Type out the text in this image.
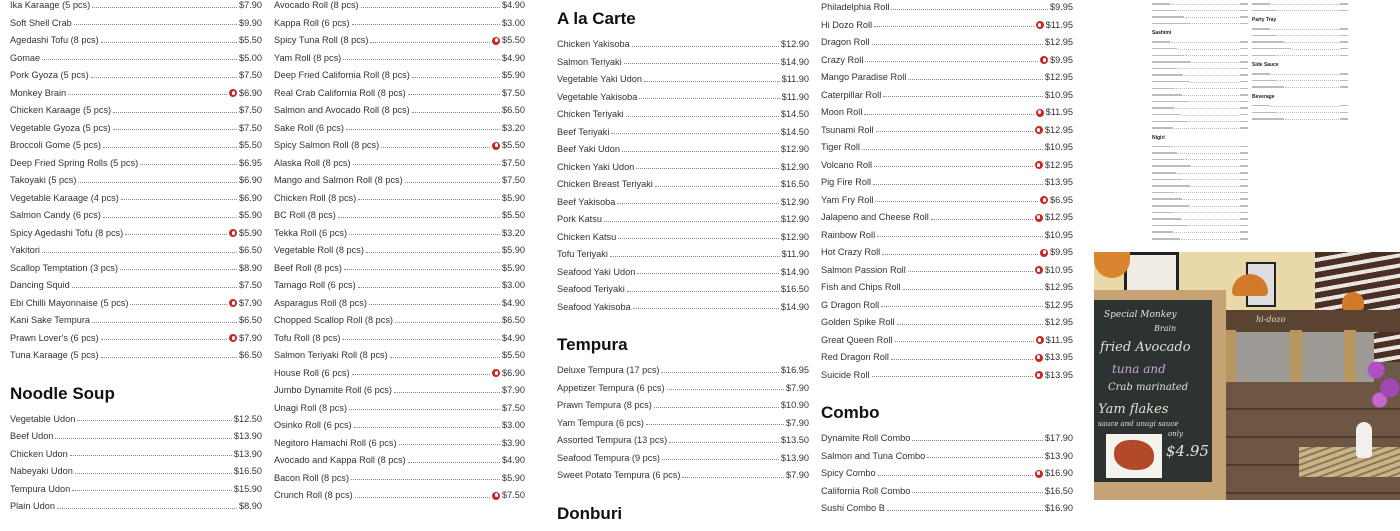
Ika Karaage (5 pcs)	$7.90
Soft Shell Crab	$9.90
Agedashi Tofu (8 pcs)	$5.50
Gomae	$5.00
Pork Gyoza (5 pcs)	$7.50
Monkey Brain	$6.90
Chicken Karaage (5 pcs)	$7.50
Vegetable Gyoza (5 pcs)	$7.50
Broccoli Gome (5 pcs)	$5.50
Deep Fried Spring Rolls (5 pcs)	$6.95
Takoyaki (5 pcs)	$6.90
Vegetable Karaage (4 pcs)	$6.90
Salmon Candy (6 pcs)	$5.90
Spicy Agedashi Tofu (8 pcs)	$5.90
Yakitori	$6.50
Scallop Temptation (3 pcs)	$8.90
Dancing Squid	$7.50
Ebi Chilli Mayonnaise (5 pcs)	$7.90
Kani Sake Tempura	$6.50
Prawn Lover's (6 pcs)	$7.90
Tuna Karaage (5 pcs)	$6.50
Noodle Soup
Vegetable Udon	$12.50
Beef Udon	$13.90
Chicken Udon	$13.90
Nabeyaki Udon	$16.50
Tempura Udon	$15.90
Plain Udon	$8.90
Avocado Roll (8 pcs)	$4.90
Kappa Roll (6 pcs)	$3.00
Spicy Tuna Roll (8 pcs)	$5.50
Yam Roll (8 pcs)	$4.90
Deep Fried California Roll (8 pcs)	$5.90
Real Crab California Roll (8 pcs)	$7.50
Salmon and Avocado Roll (8 pcs)	$6.50
Sake Roll (6 pcs)	$3.20
Spicy Salmon Roll (8 pcs)	$5.50
Alaska Roll (8 pcs)	$7.50
Mango and Salmon Roll (8 pcs)	$7.50
Chicken Roll (8 pcs)	$5.90
BC Roll (8 pcs)	$5.50
Tekka Roll (6 pcs)	$3.20
Vegetable Roll (8 pcs)	$5.90
Beef Roll (8 pcs)	$5.90
Tamago Roll (6 pcs)	$3.00
Asparagus Roll (8 pcs)	$4.90
Chopped Scallop Roll (8 pcs)	$6.50
Tofu Roll (8 pcs)	$4.90
Salmon Teriyaki Roll (8 pcs)	$5.50
House Roll (6 pcs)	$6.90
Jumbo Dynamite Roll (6 pcs)	$7.90
Unagi Roll (8 pcs)	$7.50
Osinko Roll (6 pcs)	$3.00
Negitoro Hamachi Roll (6 pcs)	$3.90
Avocado and Kappa Roll (8 pcs)	$4.90
Bacon Roll (8 pcs)	$5.90
Crunch Roll (8 pcs)	$7.50
A la Carte
Chicken Yakisoba	$12.90
Salmon Teriyaki	$14.90
Vegetable Yaki Udon	$11.90
Vegetable Yakisoba	$11.90
Chicken Teriyaki	$14.50
Beef Teriyaki	$14.50
Beef Yaki Udon	$12.90
Chicken Yaki Udon	$12.90
Chicken Breast Teriyaki	$16.50
Beef Yakisoba	$12.90
Pork Katsu	$12.90
Chicken Katsu	$12.90
Tofu Teriyaki	$11.90
Seafood Yaki Udon	$14.90
Seafood Teriyaki	$16.50
Seafood Yakisoba	$14.90
Tempura
Deluxe Tempura (17 pcs)	$16.95
Appetizer Tempura (6 pcs)	$7.90
Prawn Tempura (8 pcs)	$10.90
Yam Tempura (6 pcs)	$7.90
Assorted Tempura (13 pcs)	$13.50
Seafood Tempura (9 pcs)	$13.90
Sweet Potato Tempura (6 pcs)	$7.90
Donburi
Philadelphia Roll	$9.95
Hi Dozo Roll	$11.95
Dragon Roll	$12.95
Crazy Roll	$9.95
Mango Paradise Roll	$12.95
Caterpillar Roll	$10.95
Moon Roll	$11.95
Tsunami Roll	$12.95
Tiger Roll	$10.95
Volcano Roll	$12.95
Pig Fire Roll	$13.95
Yam Fry Roll	$6.95
Jalapeno and Cheese Roll	$12.95
Rainbow Roll	$10.95
Hot Crazy Roll	$9.95
Salmon Passion Roll	$10.95
Fish and Chips Roll	$12.95
G Dragon Roll	$12.95
Golden Spike Roll	$12.95
Great Queen Roll	$11.95
Red Dragon Roll	$13.95
Suicide Roll	$13.95
Combo
Dynamite Roll Combo	$17.90
Salmon and Tuna Combo	$13.90
Spicy Combo	$16.90
California Roll Combo	$16.50
Sushi Combo B	$16.90
Sashimi
Nigiri
Party Tray
Side Sauce
Beverage
hi-dozo
Special Monkey
Brain
fried Avocado
tuna and
Crab marinated
Yam flakes
sauce and unagi sauce
only
$4.95
